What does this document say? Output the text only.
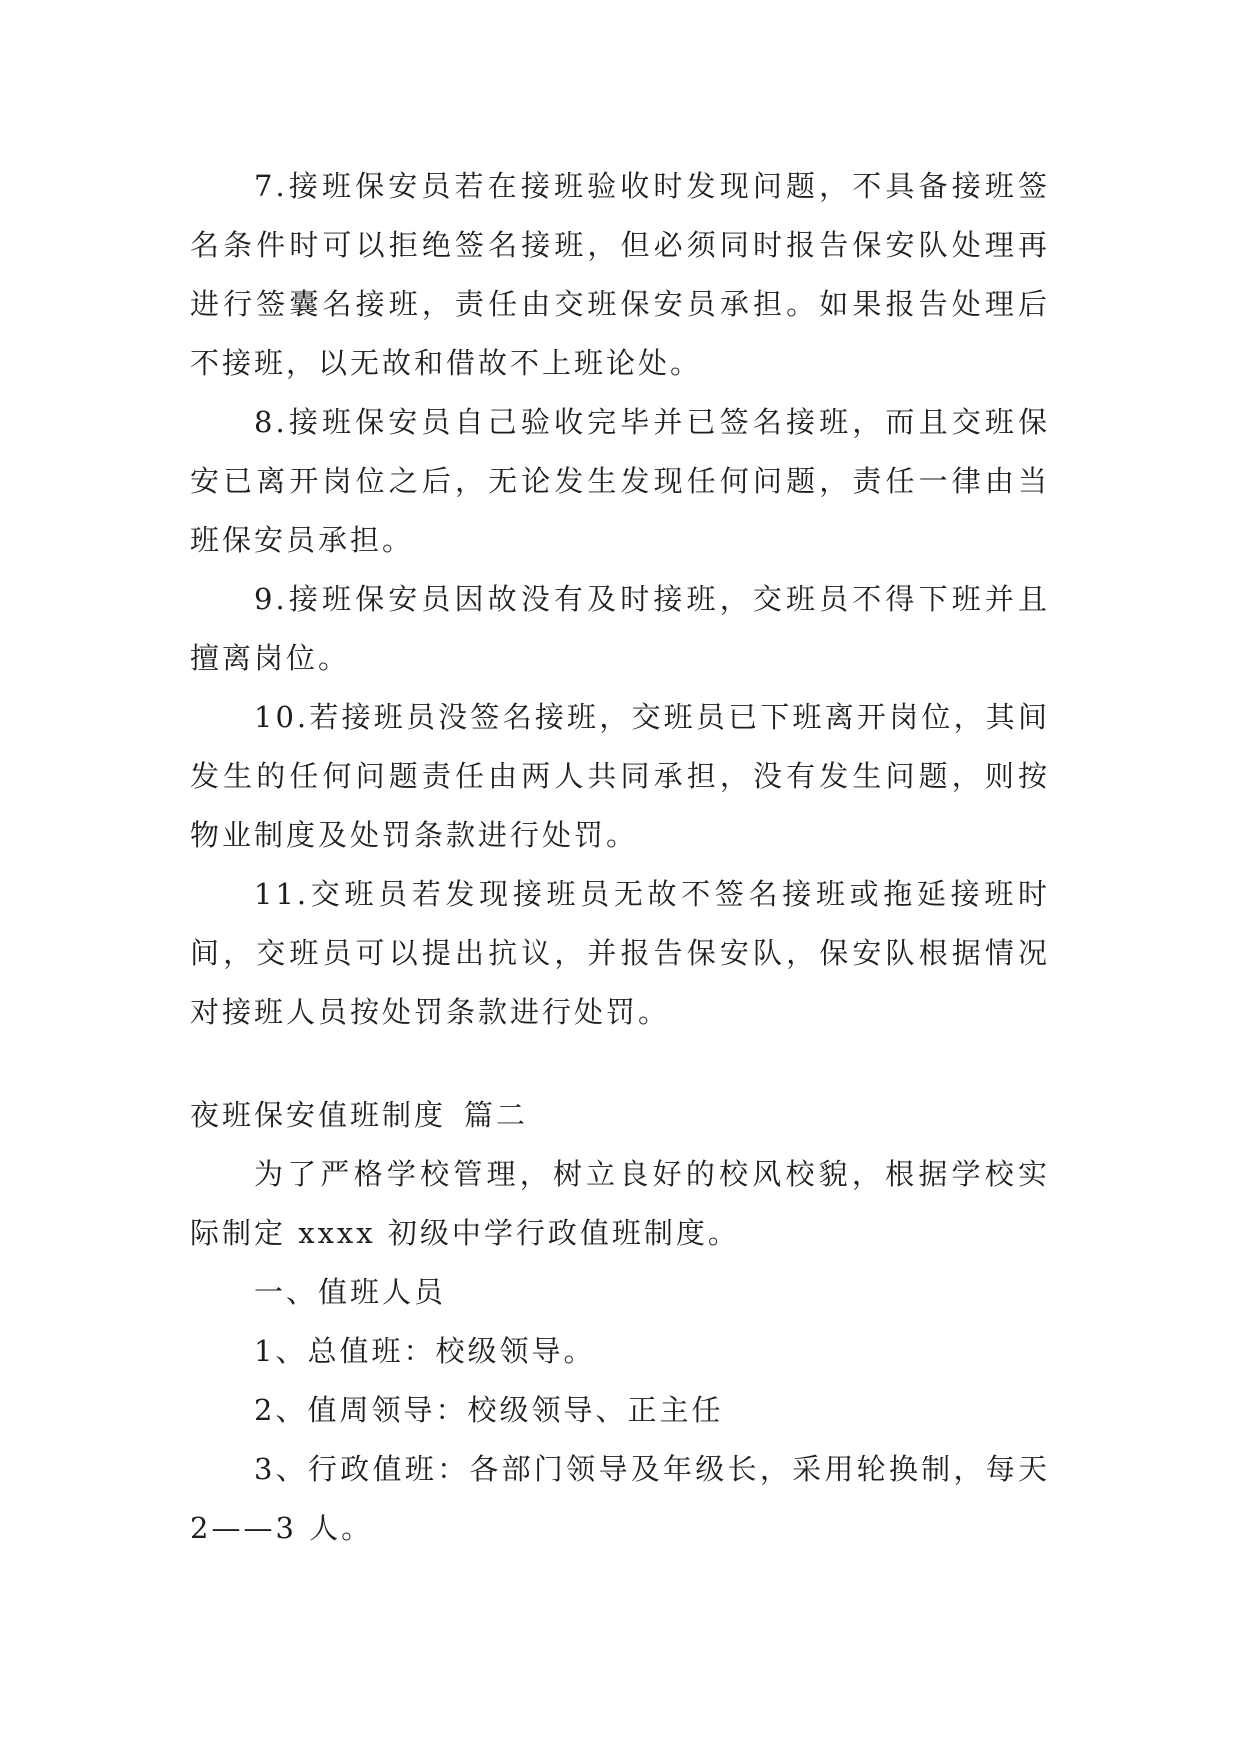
7.接班保安员若在接班验收时发现问题，不具备接班签名条件时可以拒绝签名接班，但必须同时报告保安队处理再进行签囊名接班，责任由交班保安员承担。如果报告处理后不接班，以无故和借故不上班论处。

8.接班保安员自己验收完毕并已签名接班，而且交班保安已离开岗位之后，无论发生发现任何问题，责任一律由当班保安员承担。

9.接班保安员因故没有及时接班，交班员不得下班并且擅离岗位。

10.若接班员没签名接班，交班员已下班离开岗位，其间发生的任何问题责任由两人共同承担，没有发生问题，则按物业制度及处罚条款进行处罚。

11.交班员若发现接班员无故不签名接班或拖延接班时间，交班员可以提出抗议，并报告保安队，保安队根据情况对接班人员按处罚条款进行处罚。

夜班保安值班制度 篇二

为了严格学校管理，树立良好的校风校貌，根据学校实际制定 xxxx 初级中学行政值班制度。

一、值班人员

1、总值班：校级领导。

2、值周领导：校级领导、正主任

3、行政值班：各部门领导及年级长，采用轮换制，每天 2——3 人。
